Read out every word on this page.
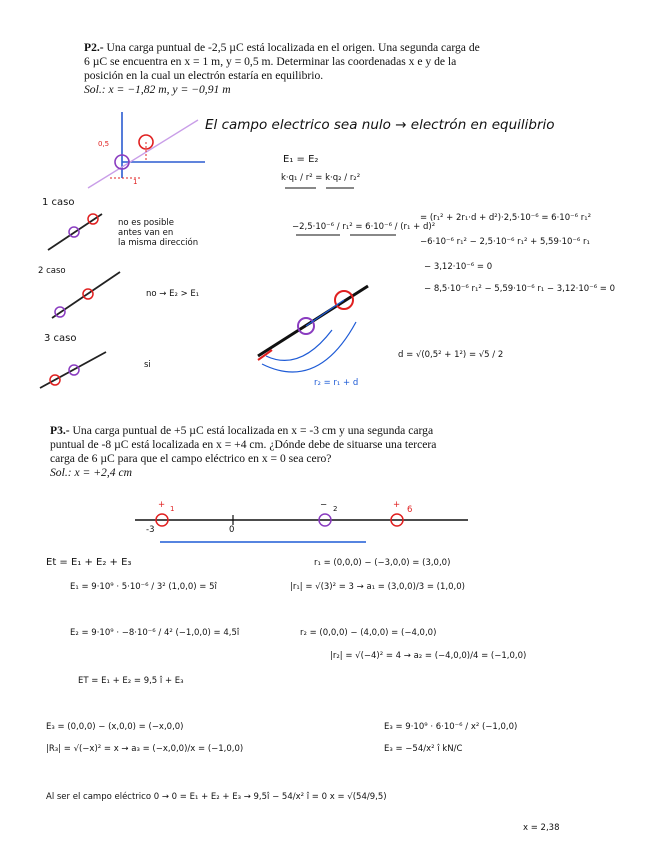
P2.- Una carga puntual de -2,5 µC está localizada en el origen. Una segunda carga de
6 µC se encuentra en x = 1 m, y = 0,5 m. Determinar las coordenadas x e y de la
posición en la cual un electrón estaría en equilibrio.
Sol.: x = −1,82 m, y = −0,91 m
El campo electrico sea nulo → electrón en equilibrio
0,5
1
1 caso
no es posible
antes van en
la misma dirección
2 caso
no → E₂ > E₁
3 caso
si
E₁ = E₂
k·q₁ / r² = k·q₂ / r₂²
−2,5·10⁻⁶ / r₁² = 6·10⁻⁶ / (r₁ + d)²
= (r₁² + 2r₁·d + d²)·2,5·10⁻⁶ = 6·10⁻⁶ r₁²
−6·10⁻⁶ r₁² − 2,5·10⁻⁶ r₁² + 5,59·10⁻⁶ r₁
− 3,12·10⁻⁶ = 0
− 8,5·10⁻⁶ r₁² − 5,59·10⁻⁶ r₁ − 3,12·10⁻⁶ = 0
d = √(0,5² + 1²) = √5 / 2
r₂ = r₁ + d
P3.- Una carga puntual de +5 µC está localizada en x = -3 cm y una segunda carga
puntual de -8 µC está localizada en x = +4 cm. ¿Dónde debe de situarse una tercera
carga de 6 µC para que el campo eléctrico en x = 0 sea cero?
Sol.: x = +2,4 cm
-3	0
+ 1	− 2	+ 6
Et = E₁ + E₂ + E₃	r₁ = (0,0,0) − (−3,0,0) = (3,0,0)
E₁ = 9·10⁹ · 5·10⁻⁶ / 3² (1,0,0) = 5î	|r₁| = √(3)² = 3 → a₁ = (3,0,0)/3 = (1,0,0)
E₂ = 9·10⁹ · −8·10⁻⁶ / 4² (−1,0,0) = 4,5î	r₂ = (0,0,0) − (4,0,0) = (−4,0,0)
|r₂| = √(−4)² = 4 → a₂ = (−4,0,0)/4 = (−1,0,0)
ET = E₁ + E₂ = 9,5 î + E₃
E₃ = (0,0,0) − (x,0,0) = (−x,0,0)	E₃ = 9·10⁹ · 6·10⁻⁶ / x² (−1,0,0)
|R₃| = √(−x)² = x → a₃ = (−x,0,0)/x = (−1,0,0)	E₃ = −54/x² î kN/C
Al ser el campo eléctrico 0 → 0 = E₁ + E₂ + E₃ → 9,5î − 54/x² î = 0 x = √(54/9,5)
x = 2,38
